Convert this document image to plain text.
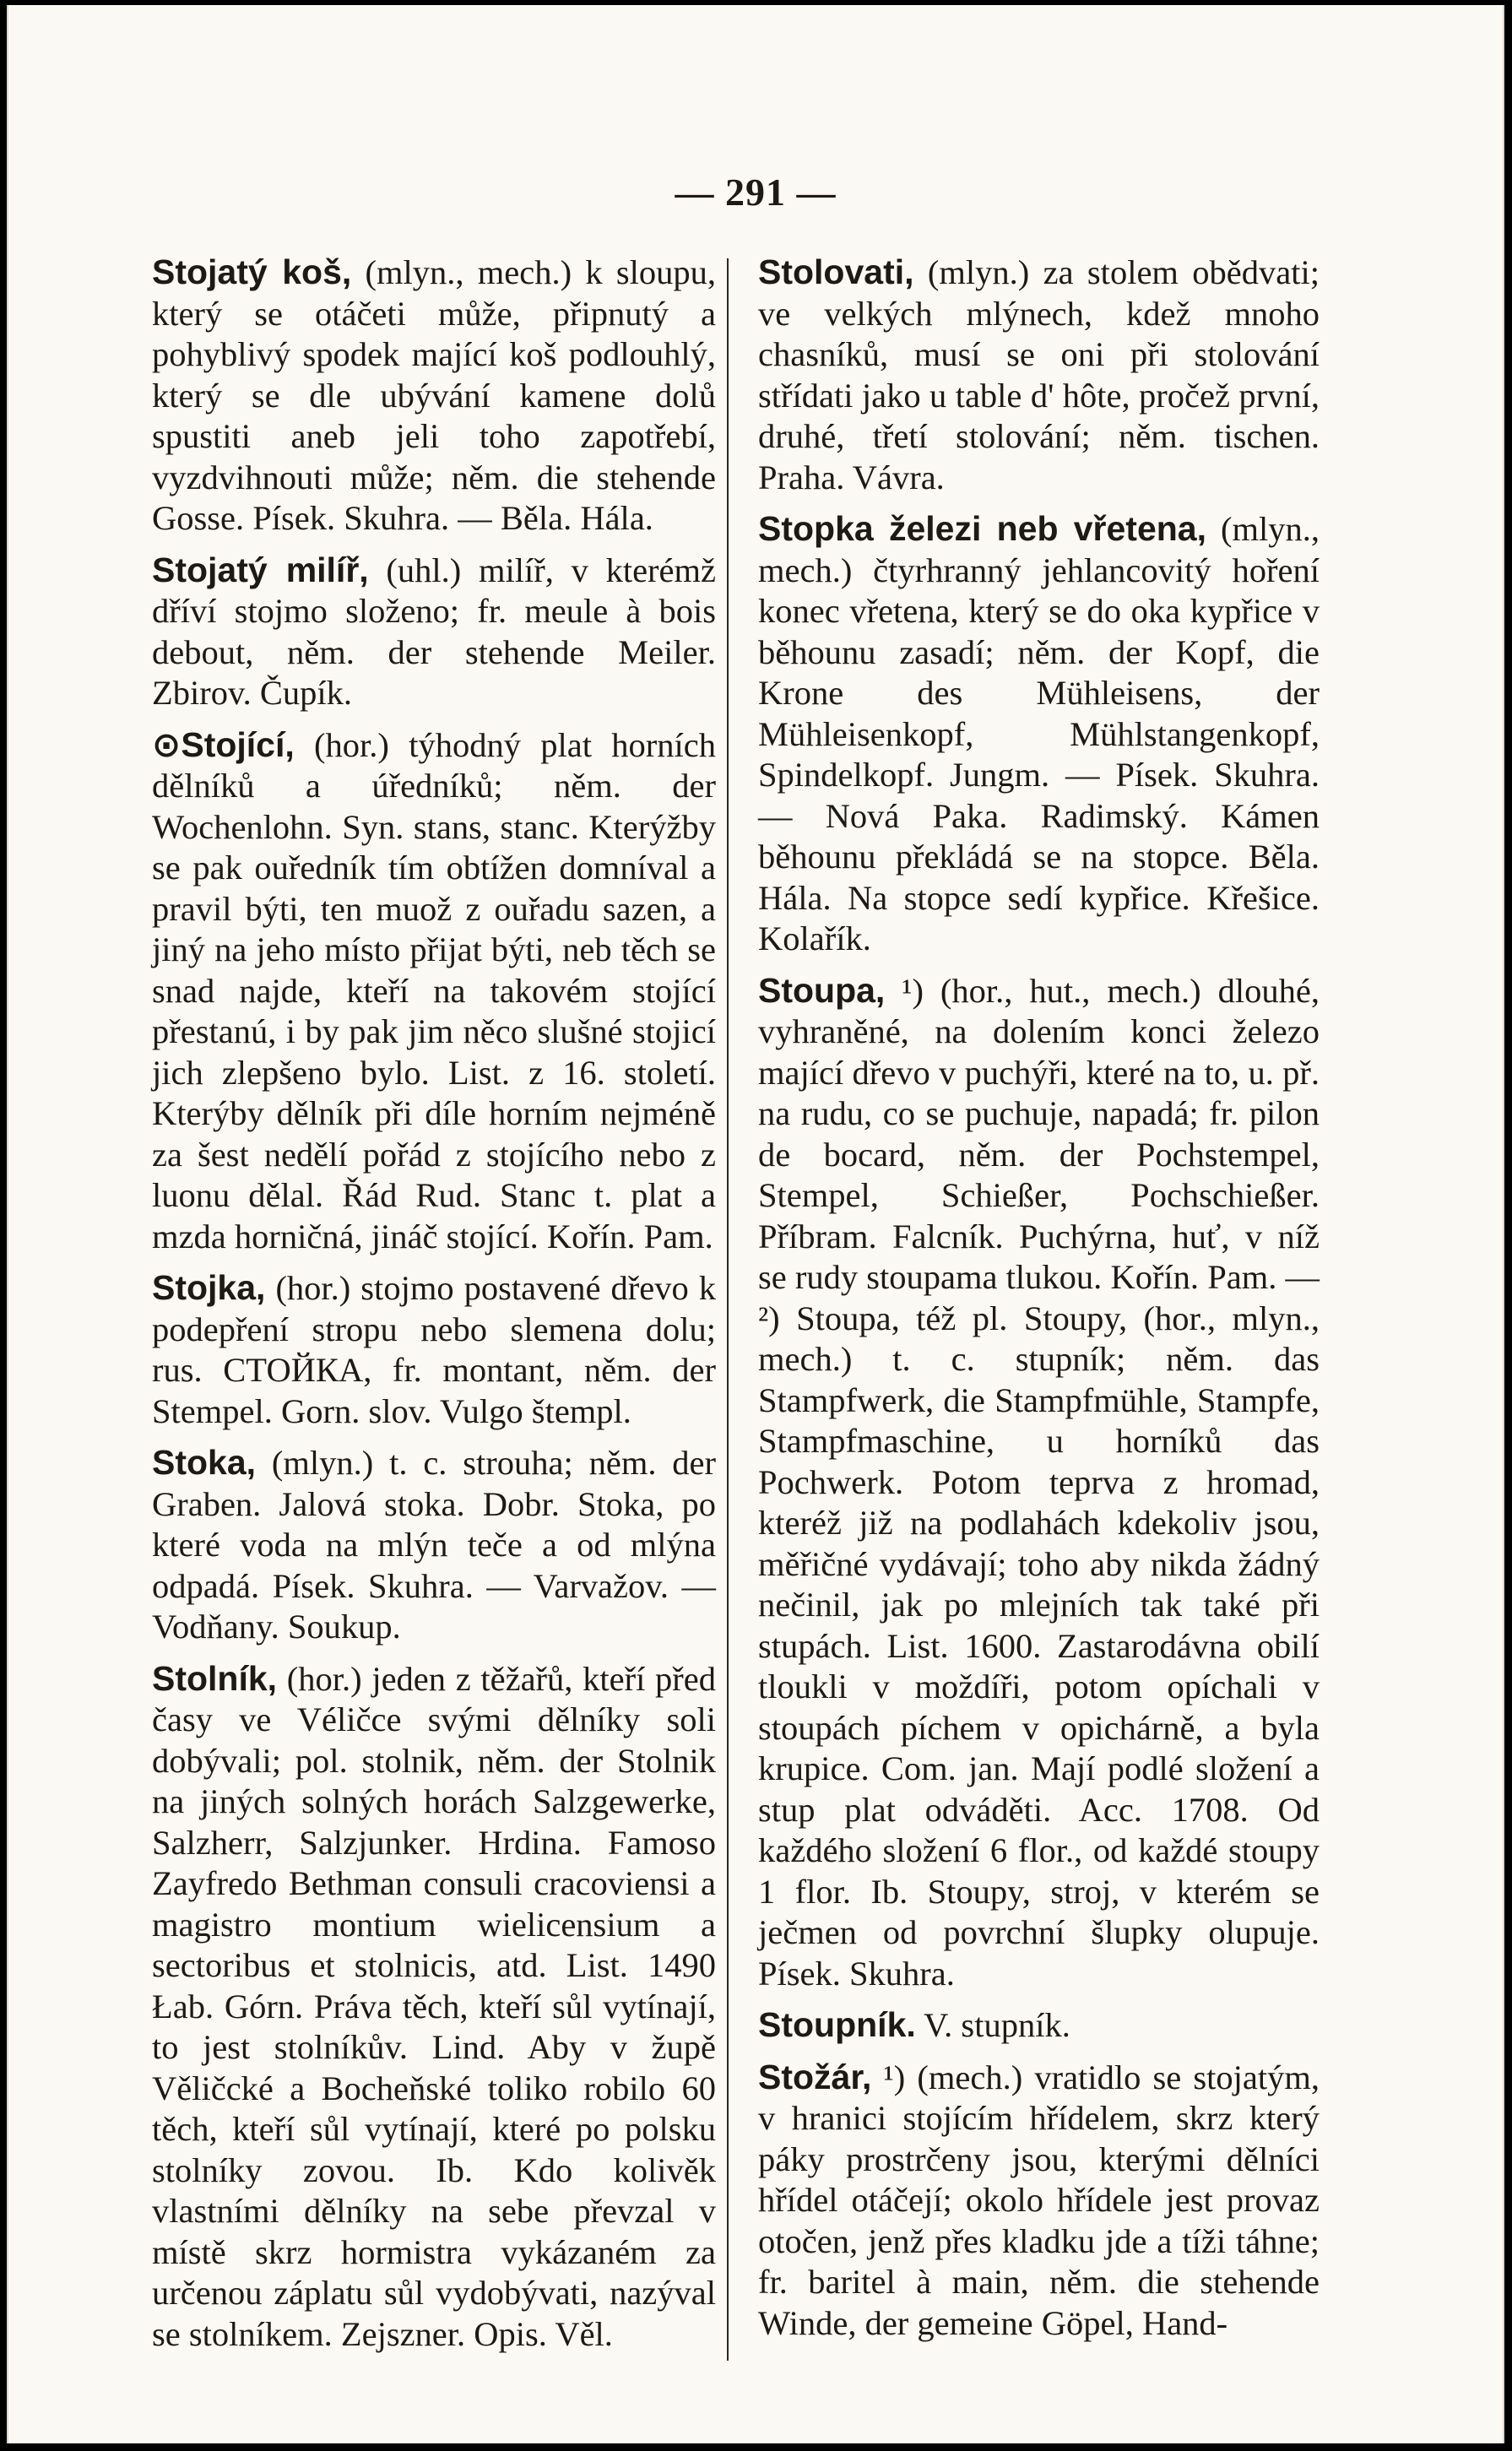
— 291 —

Stojatý koš, (mlyn., mech.) k sloupu, který se otáčeti může, připnutý a pohyblivý spodek mající koš podlouhlý, který se dle ubývání kamene dolů spustiti aneb jeli toho zapotřebí, vyzdvihnouti může; něm. die stehende Gosse. Písek. Skuhra. — Běla. Hála.

Stojatý milíř, (uhl.) milíř, v kterémž dříví stojmo složeno; fr. meule à bois debout, něm. der stehende Meiler. Zbirov. Čupík.

⊙Stojící, (hor.) týhodný plat horních dělníků a úředníků; něm. der Wochenlohn. Syn. stans, stanc. Kterýžby se pak ouředník tím obtížen domníval a pravil býti, ten muož z ouřadu sazen, a jiný na jeho místo přijat býti, neb těch se snad najde, kteří na takovém stojící přestanú, i by pak jim něco slušné stojicí jich zlepšeno bylo. List. z 16. století. Kterýby dělník při díle horním nejméně za šest nedělí pořád z stojícího nebo z luonu dělal. Řád Rud. Stanc t. plat a mzda horničná, jináč stojící. Kořín. Pam.

Stojka, (hor.) stojmo postavené dřevo k podepření stropu nebo slemena dolu; rus. СТОЙКА, fr. montant, něm. der Stempel. Gorn. slov. Vulgo štempl.

Stoka, (mlyn.) t. c. strouha; něm. der Graben. Jalová stoka. Dobr. Stoka, po které voda na mlýn teče a od mlýna odpadá. Písek. Skuhra. — Varvažov. — Vodňany. Soukup.

Stolník, (hor.) jeden z těžařů, kteří před časy ve Véličce svými dělníky soli dobývali; pol. stolnik, něm. der Stolnik na jiných solných horách Salzgewerke, Salzherr, Salzjunker. Hrdina. Famoso Zayfredo Bethman consuli cracoviensi a magistro montium wielicensium a sectoribus et stolnicis, atd. List. 1490 Łab. Górn. Práva těch, kteří sůl vytínají, to jest stolníkův. Lind. Aby v župě Věličcké a Bocheňské toliko robilo 60 těch, kteří sůl vytínají, které po polsku stolníky zovou. Ib. Kdo kolivěk vlastními dělníky na sebe převzal v místě skrz hormistra vykázaném za určenou záplatu sůl vydobývati, nazýval se stolníkem. Zejszner. Opis. Věl.

Stolovati, (mlyn.) za stolem obědvati; ve velkých mlýnech, kdež mnoho chasníků, musí se oni při stolování střídati jako u table d' hôte, pročež první, druhé, třetí stolování; něm. tischen. Praha. Vávra.

Stopka železi neb vřetena, (mlyn., mech.) čtyrhranný jehlancovitý hoření konec vřetena, který se do oka kypřice v běhounu zasadí; něm. der Kopf, die Krone des Mühleisens, der Mühleisenkopf, Mühlstangenkopf, Spindelkopf. Jungm. — Písek. Skuhra. — Nová Paka. Radimský. Kámen běhounu překládá se na stopce. Běla. Hála. Na stopce sedí kypřice. Křešice. Kolařík.

Stoupa, ¹) (hor., hut., mech.) dlouhé, vyhraněné, na dolením konci železo mající dřevo v puchýři, které na to, u. př. na rudu, co se puchuje, napadá; fr. pilon de bocard, něm. der Pochstempel, Stempel, Schießer, Pochschießer. Příbram. Falcník. Puchýrna, huť, v níž se rudy stoupama tlukou. Kořín. Pam. — ²) Stoupa, též pl. Stoupy, (hor., mlyn., mech.) t. c. stupník; něm. das Stampfwerk, die Stampfmühle, Stampfe, Stampfmaschine, u horníků das Pochwerk. Potom teprva z hromad, kteréž již na podlahách kdekoliv jsou, měřičné vydávají; toho aby nikda žádný nečinil, jak po mlejních tak také při stupách. List. 1600. Zastarodávna obilí tloukli v moždíři, potom opíchali v stoupách píchem v opichárně, a byla krupice. Com. jan. Mají podlé složení a stup plat odváděti. Acc. 1708. Od každého složení 6 flor., od každé stoupy 1 flor. Ib. Stoupy, stroj, v kterém se ječmen od povrchní šlupky olupuje. Písek. Skuhra.

Stoupník. V. stupník.

Stožár, ¹) (mech.) vratidlo se stojatým, v hranici stojícím hřídelem, skrz který páky prostrčeny jsou, kterými dělníci hřídel otáčejí; okolo hřídele jest provaz otočen, jenž přes kladku jde a tíži táhne; fr. baritel à main, něm. die stehende Winde, der gemeine Göpel, Hand-
